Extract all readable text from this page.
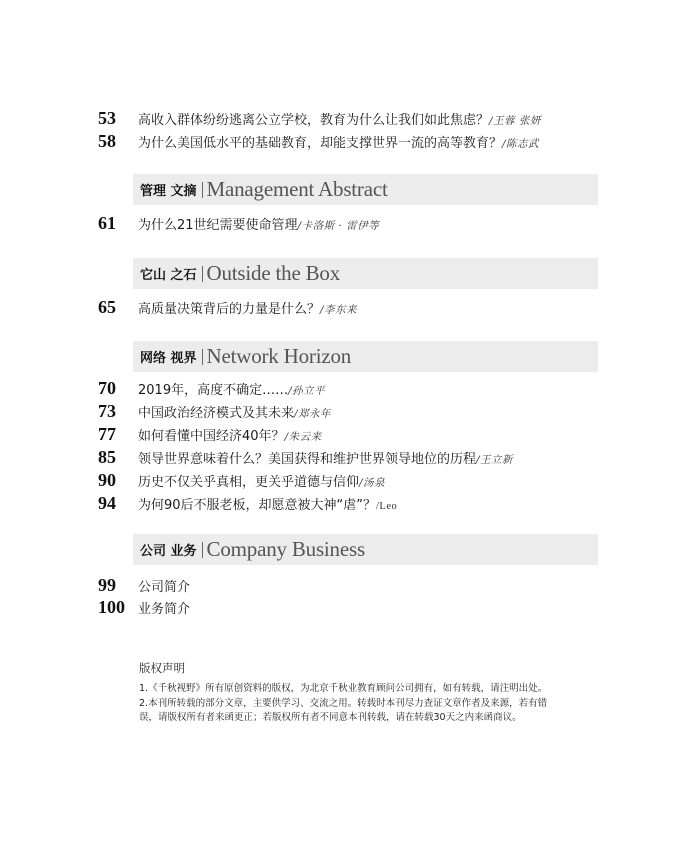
53	高收入群体纷纷逃离公立学校，教育为什么让我们如此焦虑？ /王蓉 张妍
58	为什么美国低水平的基础教育，却能支撑世界一流的高等教育？ /陈志武
管理 文摘 Management Abstract
61	为什么21世纪需要使命管理 /卡洛斯 · 雷伊等
它山 之石 Outside the Box
65	高质量决策背后的力量是什么？ /李东来
网络 视界 Network Horizon
70	2019年，高度不确定…… /孙立平
73	中国政治经济模式及其未来 /郑永年
77	如何看懂中国经济40年？ /朱云来
85	领导世界意味着什么？美国获得和维护世界领导地位的历程 /王立新
90	历史不仅关乎真相，更关乎道德与信仰 /汤泉
94	为何90后不服老板，却愿意被大神“虐”？ /Leo
公司 业务 Company Business
99	公司简介
100	业务简介
版权声明
1.《千秋视野》所有原创资料的版权，为北京千秋业教育顾问公司拥有，如有转载，请注明出处。
2.本刊所转载的部分文章，主要供学习、交流之用。转载时本刊尽力查证文章作者及来源，若有错误，请版权所有者来函更正；若版权所有者不同意本刊转载，请在转载30天之内来函商议。
